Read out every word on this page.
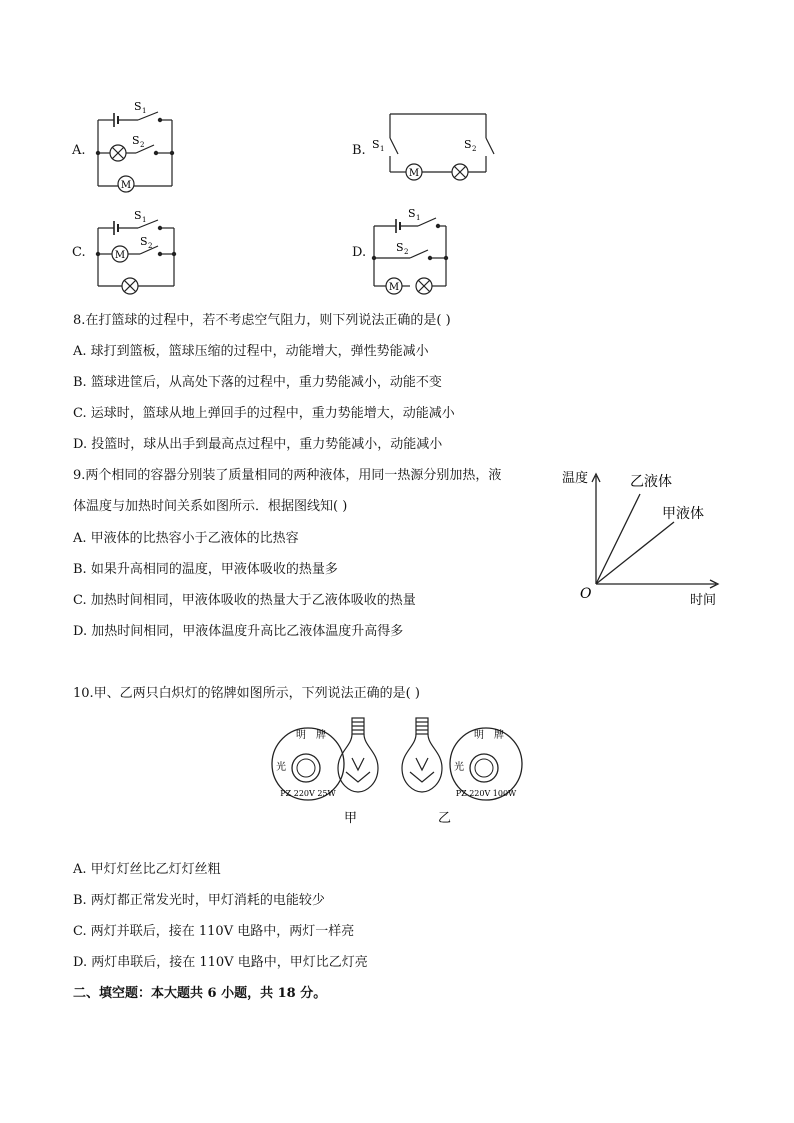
A.
M
S 1
S 2	B.
M
S 1	S 2
C.	M
S 1
S 2	D.
M
S 1
S 2
8.在打篮球的过程中，若不考虑空气阻力，则下列说法正确的是( )
A. 球打到篮板，篮球压缩的过程中，动能增大，弹性势能减小
B. 篮球进筐后，从高处下落的过程中，重力势能减小，动能不变
C. 运球时，篮球从地上弹回手的过程中，重力势能增大，动能减小
D. 投篮时，球从出手到最高点过程中，重力势能减小，动能减小
9.两个相同的容器分别装了质量相同的两种液体，用同一热源分别加热，液
体温度与加热时间关系如图所示．根据图线知( )
A. 甲液体的比热容小于乙液体的比热容
B. 如果升高相同的温度，甲液体吸收的热量多
C. 加热时间相同，甲液体吸收的热量大于乙液体吸收的热量
D. 加热时间相同，甲液体温度升高比乙液体温度升高得多
温度
时间
O
乙液体
甲液体
10.甲、乙两只白炽灯的铭牌如图所示，下列说法正确的是( )
明 牌
光
PZ 220V 25W
明 牌
光
PZ 220V 100W
甲	乙
A. 甲灯灯丝比乙灯灯丝粗
B. 两灯都正常发光时，甲灯消耗的电能较少
C. 两灯并联后，接在 110V 电路中，两灯一样亮
D. 两灯串联后，接在 110V 电路中，甲灯比乙灯亮
二、填空题：本大题共 6 小题，共 18 分。
